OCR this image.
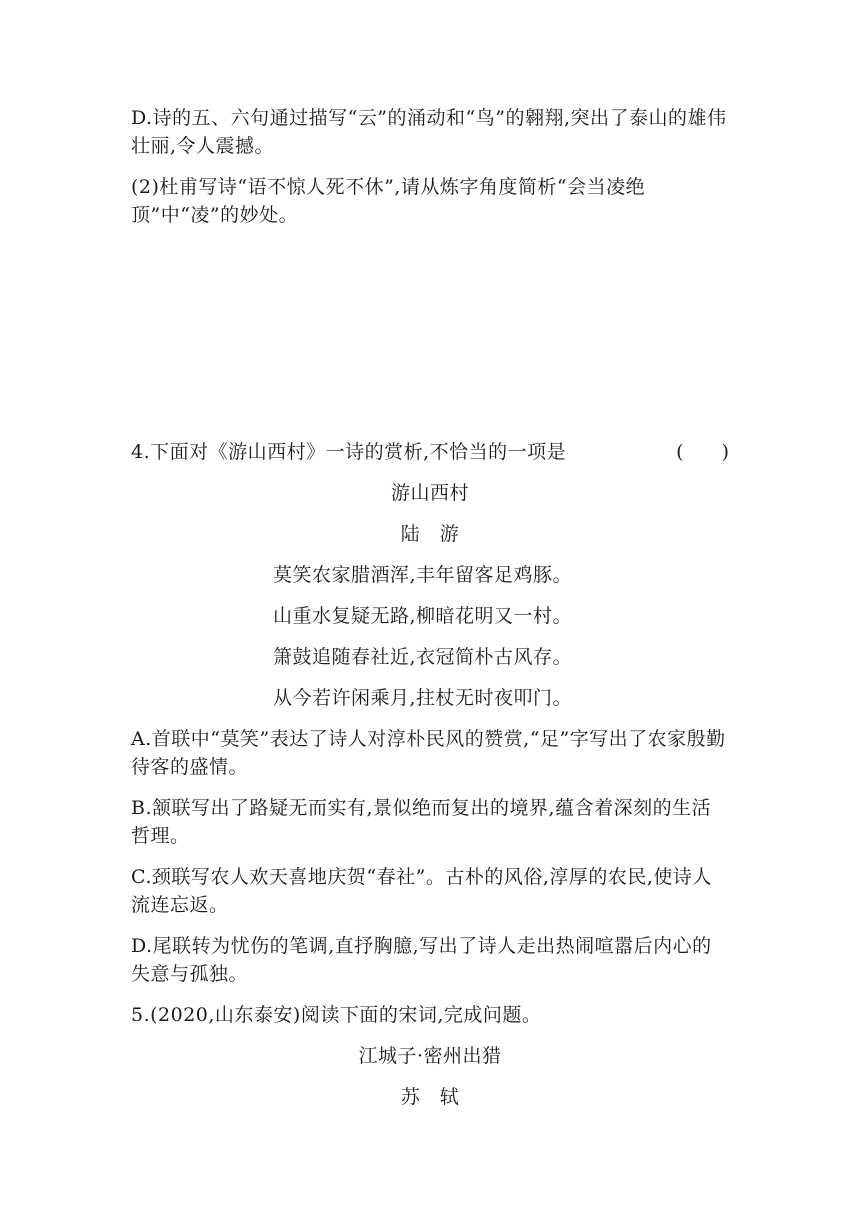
D.诗的五、六句通过描写“云”的涌动和“鸟”的翱翔,突出了泰山的雄伟壮丽,令人震撼。

(2)杜甫写诗“语不惊人死不休”,请从炼字角度简析“会当凌绝顶”中“凌”的妙处。

4.下面对《游山西村》一诗的赏析,不恰当的一项是	(　　)

游山西村

陆　游

莫笑农家腊酒浑,丰年留客足鸡豚。

山重水复疑无路,柳暗花明又一村。

箫鼓追随春社近,衣冠简朴古风存。

从今若许闲乘月,拄杖无时夜叩门。

A.首联中“莫笑”表达了诗人对淳朴民风的赞赏,“足”字写出了农家殷勤待客的盛情。

B.颔联写出了路疑无而实有,景似绝而复出的境界,蕴含着深刻的生活哲理。

C.颈联写农人欢天喜地庆贺“春社”。古朴的风俗,淳厚的农民,使诗人流连忘返。

D.尾联转为忧伤的笔调,直抒胸臆,写出了诗人走出热闹喧嚣后内心的失意与孤独。

5.(2020,山东泰安)阅读下面的宋词,完成问题。

江城子·密州出猎

苏　轼
